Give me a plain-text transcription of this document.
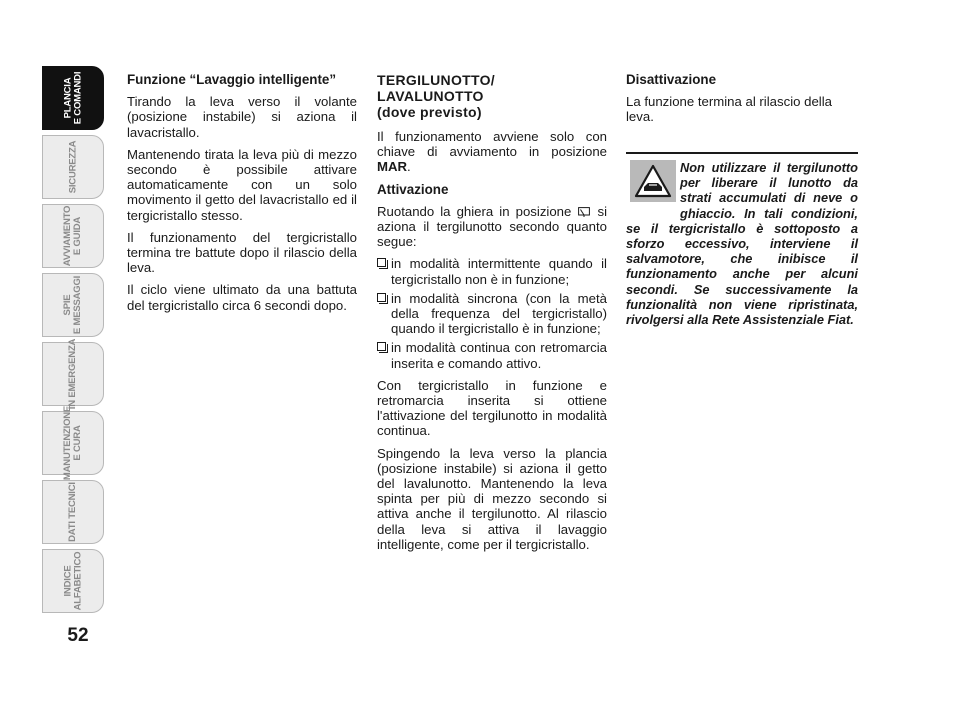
PLANCIA E COMANDI
SICUREZZA
AVVIAMENTO E GUIDA
SPIE E MESSAGGI
IN EMERGENZA
MANUTENZIONE E CURA
DATI TECNICI
INDICE ALFABETICO
52

Funzione “Lavaggio intelligente”

Tirando la leva verso il volante (posizione instabile) si aziona il lavacristallo.

Mantenendo tirata la leva più di mezzo secondo è possibile attivare automaticamente con un solo movimento il getto del lavacristallo ed il tergicristallo stesso.

Il funzionamento del tergicristallo termina tre battute dopo il rilascio della leva.

Il ciclo viene ultimato da una battuta del tergicristallo circa 6 secondi dopo.

TERGILUNOTTO/
LAVALUNOTTO
(dove previsto)

Il funzionamento avviene solo con chiave di avviamento in posizione MAR.

Attivazione

Ruotando la ghiera in posizione  si aziona il tergilunotto secondo quanto segue:

in modalità intermittente quando il tergicristallo non è in funzione;
in modalità sincrona (con la metà della frequenza del tergicristallo) quando il tergicristallo è in funzione;
in modalità continua con retromarcia inserita e comando attivo.

Con tergicristallo in funzione e retromarcia inserita si ottiene l'attivazione del tergilunotto in modalità continua.

Spingendo la leva verso la plancia (posizione instabile) si aziona il getto del lavalunotto. Mantenendo la leva spinta per più di mezzo secondo si attiva anche il tergilunotto. Al rilascio della leva si attiva il lavaggio intelligente, come per il tergicristallo.

Disattivazione

La funzione termina al rilascio della leva.

Non utilizzare il tergilunotto per liberare il lunotto da strati accumulati di neve o ghiaccio. In tali condizioni, se il tergicristallo è sottoposto a sforzo eccessivo, interviene il salvamotore, che inibisce il funzionamento anche per alcuni secondi. Se successivamente la funzionalità non viene ripristinata, rivolgersi alla Rete Assistenziale Fiat.
